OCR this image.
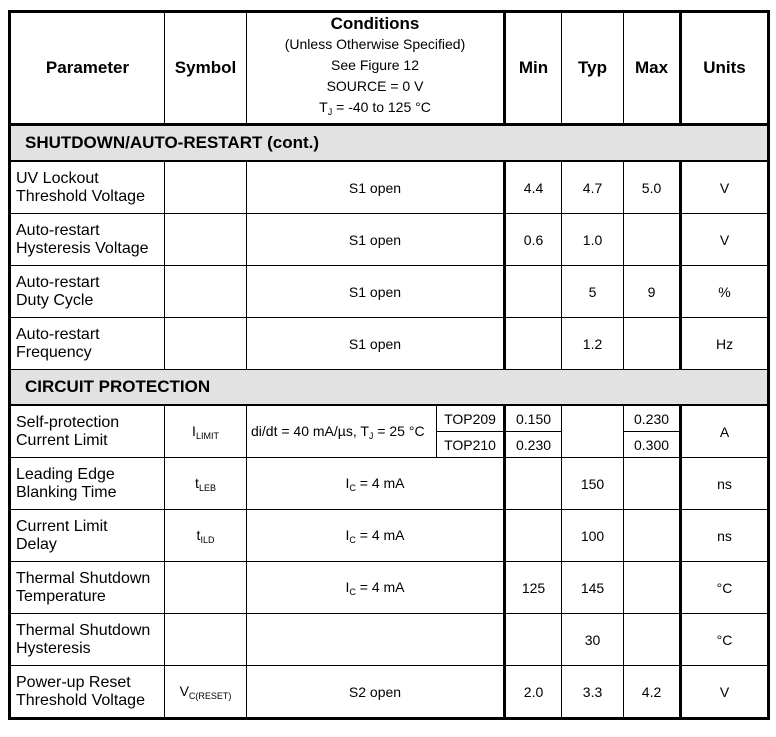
Parameter	Symbol	Conditions
(Unless Otherwise Specified)
See Figure 12
SOURCE = 0 V
$T_J = -40$ to 125 °C		Min	Typ	Max	Units
SHUTDOWN/AUTO-RESTART (cont.)							
UV Lockout
Threshold Voltage		S1 open		4.4	4.7	5.0	V
Auto-restart
Hysteresis Voltage		S1 open		0.6	1.0		V
Auto-restart
Duty Cycle		S1 open			5	9	%
Auto-restart
Frequency		S1 open			1.2		Hz
CIRCUIT PROTECTION							
Self-protection
Current Limit	$I_{LIMIT}$	di/dt = 40 mA/µs, $T_J = 25$ °C	TOP209	0.150		0.230	A
			TOP210	0.230		0.300	
Leading Edge
Blanking Time	$t_{LEB}$	$I_C = 4$ mA			150		ns
Current Limit
Delay	$t_{ILD}$	$I_C = 4$ mA			100		ns
Thermal Shutdown
Temperature		$I_C = 4$ mA		125	145		°C
Thermal Shutdown
Hysteresis					30		°C
Power-up Reset
Threshold Voltage	$V_{C(RESET)}$	S2 open		2.0	3.3	4.2	V
